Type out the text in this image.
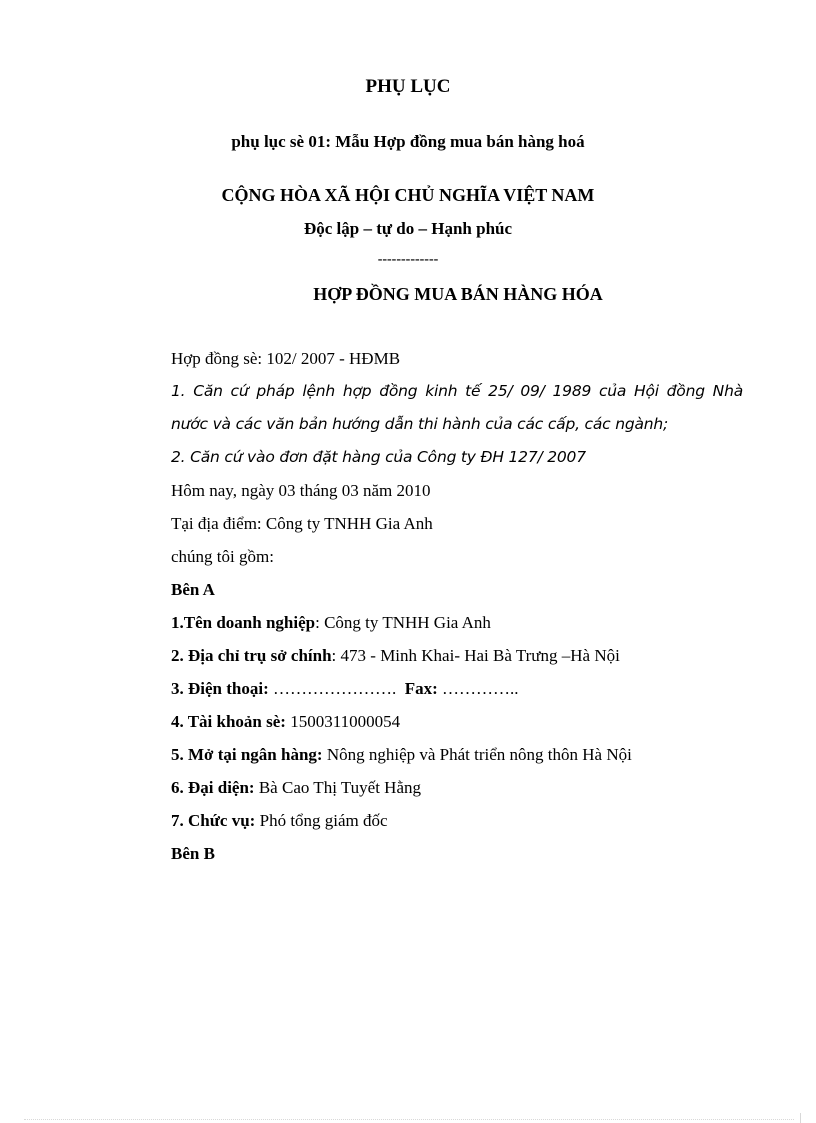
PHỤ LỤC
phụ lục sè 01: Mẫu Hợp đồng mua bán hàng hoá
CỘNG HÒA XÃ HỘI CHỦ NGHĨA VIỆT NAM
Độc lập – tự do – Hạnh phúc
-------------
HỢP ĐỒNG MUA BÁN HÀNG HÓA
Hợp đồng sè: 102/ 2007 - HĐMB
1. Căn cứ pháp lệnh hợp đồng kinh tế 25/ 09/ 1989 của Hội đồng Nhà
nước và các văn bản hướng dẫn thi hành của các cấp, các ngành;
2. Căn cứ vào đơn đặt hàng của Công ty ĐH 127/ 2007
Hôm nay, ngày 03 tháng 03 năm 2010
Tại địa điểm: Công ty TNHH Gia Anh
chúng tôi gồm:
Bên A
1.Tên doanh nghiệp: Công ty TNHH Gia Anh
2. Địa chỉ trụ sở chính: 473 - Minh Khai- Hai Bà Trưng –Hà Nội
3. Điện thoại: ………………….  Fax: …………..
4. Tài khoản sè: 1500311000054
5. Mở tại ngân hàng: Nông nghiệp và Phát triển nông thôn Hà Nội
6. Đại diện: Bà Cao Thị Tuyết Hằng
7. Chức vụ: Phó tổng giám đốc
Bên B
